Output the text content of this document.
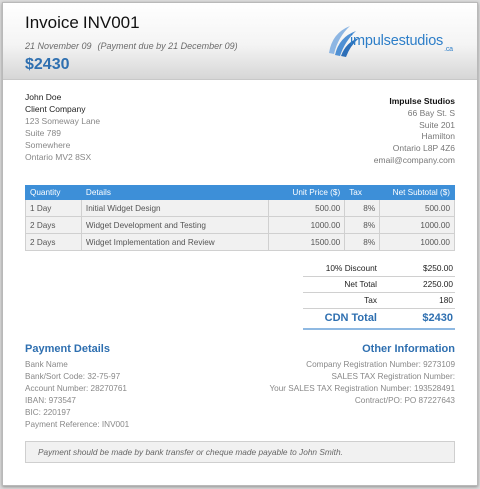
Invoice INV001
21 November 09 (Payment due by 21 December 09)
$2430
impulsestudios$_{.ca}$
John Doe
Client Company
123 Someway Lane
Suite 789
Somewhere
Ontario MV2 8SX
Impulse Studios
66 Bay St. S
Suite 201
Hamilton
Ontario L8P 4Z6
email@company.com
Quantity	Details	Unit Price ($)	Tax	Net Subtotal ($)
1 Day	Initial Widget Design	500.00	8%	500.00
2 Days	Widget Development and Testing	1000.00	8%	1000.00
2 Days	Widget Implementation and Review	1500.00	8%	1000.00
10% Discount	$250.00
Net Total	2250.00
Tax	180
CDN Total	$2430
Payment Details
Bank Name
Bank/Sort Code: 32-75-97
Account Number: 28270761
IBAN: 973547
BIC: 220197
Payment Reference: INV001
Other Information
Company Registration Number: 9273109
SALES TAX Registration Number:
Your SALES TAX Registration Number: 193528491
Contract/PO: PO 87227643
Payment should be made by bank transfer or cheque made payable to John Smith.
